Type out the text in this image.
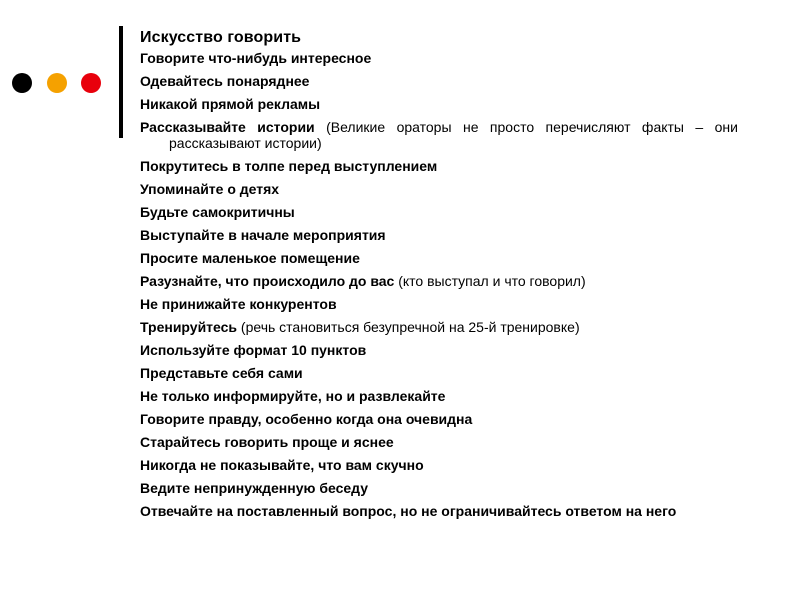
Искусство говорить
Говорите что-нибудь интересное
Одевайтесь понаряднее
Никакой прямой рекламы
Рассказывайте истории (Великие ораторы не просто перечисляют факты – они рассказывают истории)
Покрутитесь в толпе перед выступлением
Упоминайте о детях
Будьте самокритичны
Выступайте в начале мероприятия
Просите маленькое помещение
Разузнайте, что происходило до вас (кто выступал и что говорил)
Не принижайте конкурентов
Тренируйтесь (речь становиться безупречной на 25-й тренировке)
Используйте формат 10 пунктов
Представьте себя сами
Не только информируйте, но и развлекайте
Говорите правду, особенно когда она очевидна
Старайтесь говорить проще и яснее
Никогда не показывайте, что вам скучно
Ведите непринужденную беседу
Отвечайте на поставленный вопрос, но не ограничивайтесь ответом на него
